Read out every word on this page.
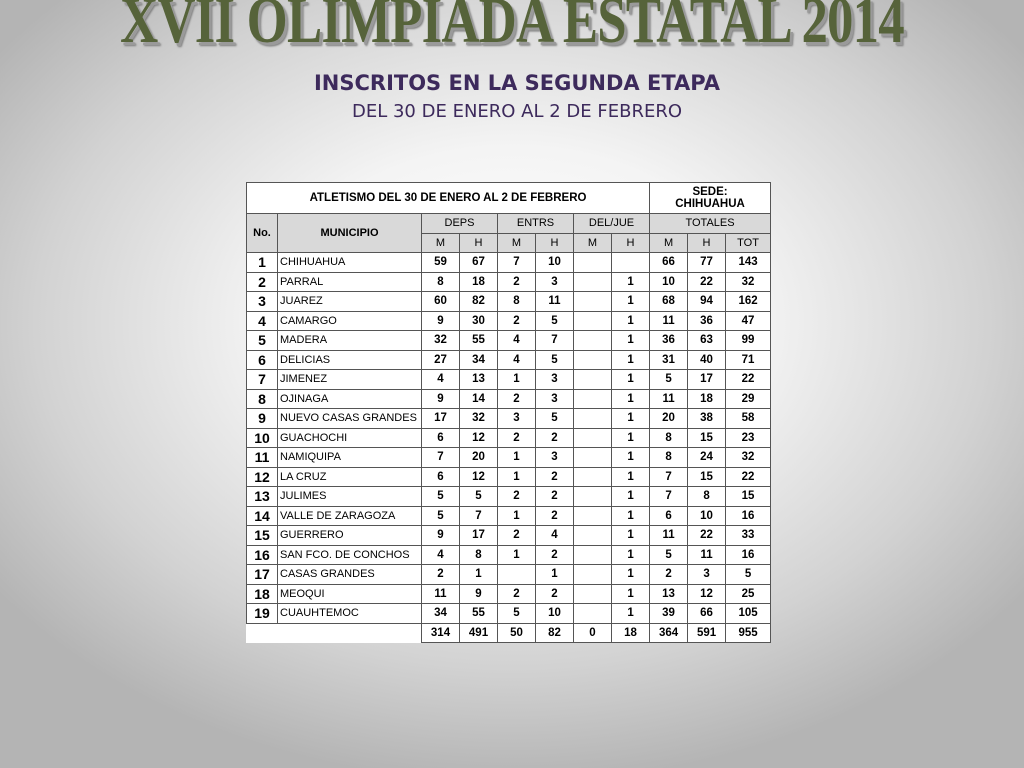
XVII OLIMPIADA ESTATAL 2014
INSCRITOS EN LA SEGUNDA ETAPA
DEL 30 DE ENERO AL 2 DE FEBRERO
ATLETISMO DEL 30 DE ENERO AL 2 DE FEBRERO								SEDE:
CHIHUAHUA		
No.	MUNICIPIO	DEPS		ENTRS		DEL/JUE		TOTALES		
		M	H	M	H	M	H	M	H	TOT
1	CHIHUAHUA	59	67	7	10			66	77	143
2	PARRAL	8	18	2	3		1	10	22	32
3	JUAREZ	60	82	8	11		1	68	94	162
4	CAMARGO	9	30	2	5		1	11	36	47
5	MADERA	32	55	4	7		1	36	63	99
6	DELICIAS	27	34	4	5		1	31	40	71
7	JIMENEZ	4	13	1	3		1	5	17	22
8	OJINAGA	9	14	2	3		1	11	18	29
9	NUEVO CASAS GRANDES	17	32	3	5		1	20	38	58
10	GUACHOCHI	6	12	2	2		1	8	15	23
11	NAMIQUIPA	7	20	1	3		1	8	24	32
12	LA CRUZ	6	12	1	2		1	7	15	22
13	JULIMES	5	5	2	2		1	7	8	15
14	VALLE DE ZARAGOZA	5	7	1	2		1	6	10	16
15	GUERRERO	9	17	2	4		1	11	22	33
16	SAN FCO. DE CONCHOS	4	8	1	2		1	5	11	16
17	CASAS GRANDES	2	1		1		1	2	3	5
18	MEOQUI	11	9	2	2		1	13	12	25
19	CUAUHTEMOC	34	55	5	10		1	39	66	105
		314	491	50	82	0	18	364	591	955
